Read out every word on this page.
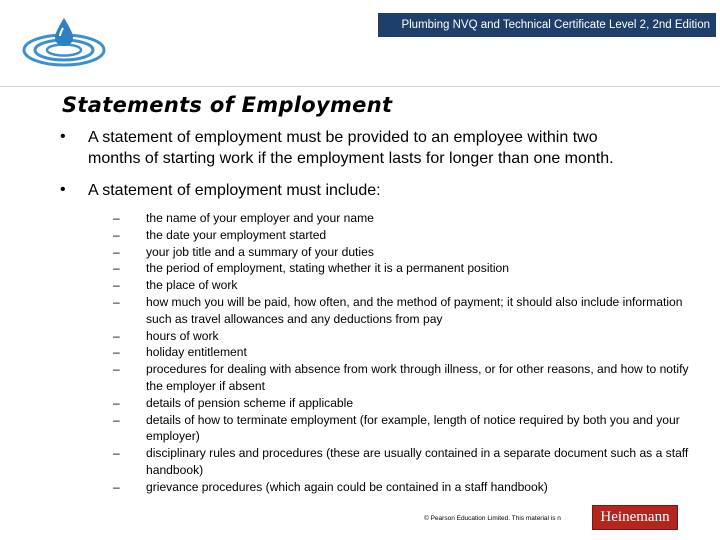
Plumbing NVQ and Technical Certificate Level 2, 2nd Edition
Statements of Employment
• A statement of employment must be provided to an employee within two
months of starting work if the employment lasts for longer than one month.
• A statement of employment must include:
– the name of your employer and your name
– the date your employment started
– your job title and a summary of your duties
– the period of employment, stating whether it is a permanent position
– the place of work
– how much you will be paid, how often, and the method of payment; it should also include information such as travel allowances and any deductions from pay
– hours of work
– holiday entitlement
– procedures for dealing with absence from work through illness, or for other reasons, and how to notify the employer if absent
– details of pension scheme if applicable
– details of how to terminate employment (for example, length of notice required by both you and your employer)
– disciplinary rules and procedures (these are usually contained in a separate document such as a staff handbook)
– grievance procedures (which again could be contained in a staff handbook)
© Pearson Education Limited. This material is n	Heinemann
